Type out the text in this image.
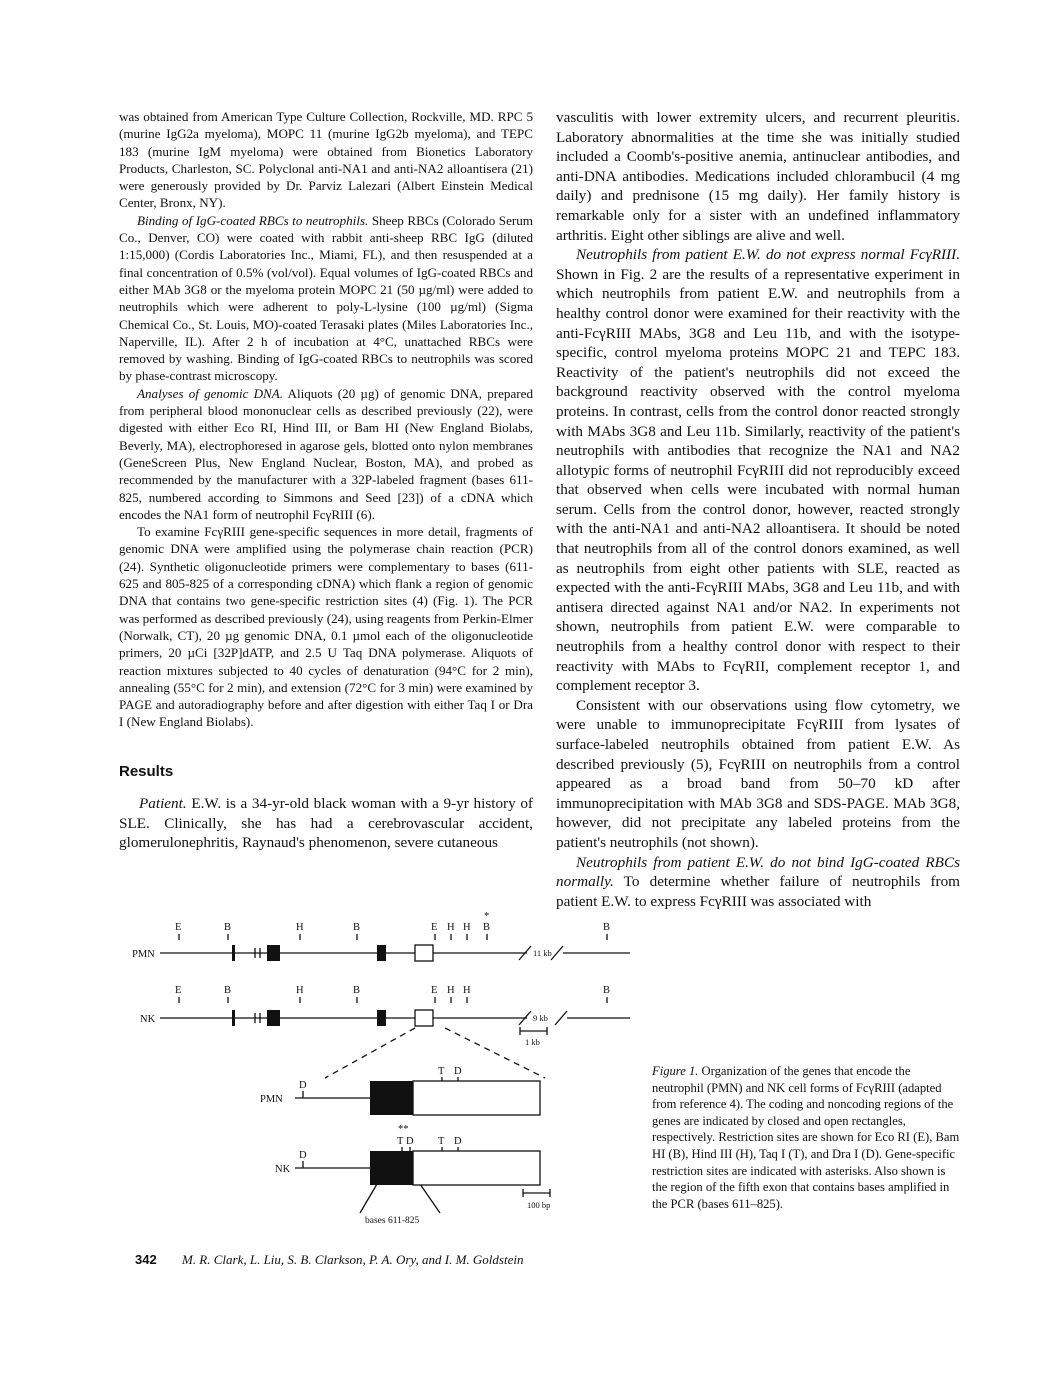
was obtained from American Type Culture Collection, Rockville, MD. RPC 5 (murine IgG2a myeloma), MOPC 11 (murine IgG2b myeloma), and TEPC 183 (murine IgM myeloma) were obtained from Bionetics Laboratory Products, Charleston, SC. Polyclonal anti-NA1 and anti-NA2 alloantisera (21) were generously provided by Dr. Parviz Lalezari (Albert Einstein Medical Center, Bronx, NY).

Binding of IgG-coated RBCs to neutrophils. Sheep RBCs (Colorado Serum Co., Denver, CO) were coated with rabbit anti-sheep RBC IgG (diluted 1:15,000) (Cordis Laboratories Inc., Miami, FL), and then resuspended at a final concentration of 0.5% (vol/vol). Equal volumes of IgG-coated RBCs and either MAb 3G8 or the myeloma protein MOPC 21 (50 µg/ml) were added to neutrophils which were adherent to poly-L-lysine (100 µg/ml) (Sigma Chemical Co., St. Louis, MO)-coated Terasaki plates (Miles Laboratories Inc., Naperville, IL). After 2 h of incubation at 4°C, unattached RBCs were removed by washing. Binding of IgG-coated RBCs to neutrophils was scored by phase-contrast microscopy.

Analyses of genomic DNA. Aliquots (20 µg) of genomic DNA, prepared from peripheral blood mononuclear cells as described previously (22), were digested with either Eco RI, Hind III, or Bam HI (New England Biolabs, Beverly, MA), electrophoresed in agarose gels, blotted onto nylon membranes (GeneScreen Plus, New England Nuclear, Boston, MA), and probed as recommended by the manufacturer with a 32P-labeled fragment (bases 611-825, numbered according to Simmons and Seed [23]) of a cDNA which encodes the NA1 form of neutrophil FcγRIII (6).

To examine FcγRIII gene-specific sequences in more detail, fragments of genomic DNA were amplified using the polymerase chain reaction (PCR) (24). Synthetic oligonucleotide primers were complementary to bases (611-625 and 805-825 of a corresponding cDNA) which flank a region of genomic DNA that contains two gene-specific restriction sites (4) (Fig. 1). The PCR was performed as described previously (24), using reagents from Perkin-Elmer (Norwalk, CT), 20 µg genomic DNA, 0.1 µmol each of the oligonucleotide primers, 20 µCi [32P]dATP, and 2.5 U Taq DNA polymerase. Aliquots of reaction mixtures subjected to 40 cycles of denaturation (94°C for 2 min), annealing (55°C for 2 min), and extension (72°C for 3 min) were examined by PAGE and autoradiography before and after digestion with either Taq I or Dra I (New England Biolabs).

Results

Patient. E.W. is a 34-yr-old black woman with a 9-yr history of SLE. Clinically, she has had a cerebrovascular accident, glomerulonephritis, Raynaud's phenomenon, severe cutaneous

vasculitis with lower extremity ulcers, and recurrent pleuritis. Laboratory abnormalities at the time she was initially studied included a Coomb's-positive anemia, antinuclear antibodies, and anti-DNA antibodies. Medications included chlorambucil (4 mg daily) and prednisone (15 mg daily). Her family history is remarkable only for a sister with an undefined inflammatory arthritis. Eight other siblings are alive and well.

Neutrophils from patient E.W. do not express normal FcγRIII. Shown in Fig. 2 are the results of a representative experiment in which neutrophils from patient E.W. and neutrophils from a healthy control donor were examined for their reactivity with the anti-FcγRIII MAbs, 3G8 and Leu 11b, and with the isotype-specific, control myeloma proteins MOPC 21 and TEPC 183. Reactivity of the patient's neutrophils did not exceed the background reactivity observed with the control myeloma proteins. In contrast, cells from the control donor reacted strongly with MAbs 3G8 and Leu 11b. Similarly, reactivity of the patient's neutrophils with antibodies that recognize the NA1 and NA2 allotypic forms of neutrophil FcγRIII did not reproducibly exceed that observed when cells were incubated with normal human serum. Cells from the control donor, however, reacted strongly with the anti-NA1 and anti-NA2 alloantisera. It should be noted that neutrophils from all of the control donors examined, as well as neutrophils from eight other patients with SLE, reacted as expected with the anti-FcγRIII MAbs, 3G8 and Leu 11b, and with antisera directed against NA1 and/or NA2. In experiments not shown, neutrophils from patient E.W. were comparable to neutrophils from a healthy control donor with respect to their reactivity with MAbs to FcγRII, complement receptor 1, and complement receptor 3.

Consistent with our observations using flow cytometry, we were unable to immunoprecipitate FcγRIII from lysates of surface-labeled neutrophils obtained from patient E.W. As described previously (5), FcγRIII on neutrophils from a control appeared as a broad band from 50–70 kD after immunoprecipitation with MAb 3G8 and SDS-PAGE. MAb 3G8, however, did not precipitate any labeled proteins from the patient's neutrophils (not shown).

Neutrophils from patient E.W. do not bind IgG-coated RBCs normally. To determine whether failure of neutrophils from patient E.W. to express FcγRIII was associated with

PMN
NK
E	B	H	B	E H H B	B
*
E	B	H	B	E H H	B
11 kb
9 kb
1 kb
PMN
NK
D
T D
D
T D T D
**
100 bp
bases 611-825
Figure 1. Organization of the genes that encode the neutrophil (PMN) and NK cell forms of FcγRIII (adapted from reference 4). The coding and noncoding regions of the genes are indicated by closed and open rectangles, respectively. Restriction sites are shown for Eco RI (E), Bam HI (B), Hind III (H), Taq I (T), and Dra I (D). Gene-specific restriction sites are indicated with asterisks. Also shown is the region of the fifth exon that contains bases amplified in the PCR (bases 611–825).
342 M. R. Clark, L. Liu, S. B. Clarkson, P. A. Ory, and I. M. Goldstein
